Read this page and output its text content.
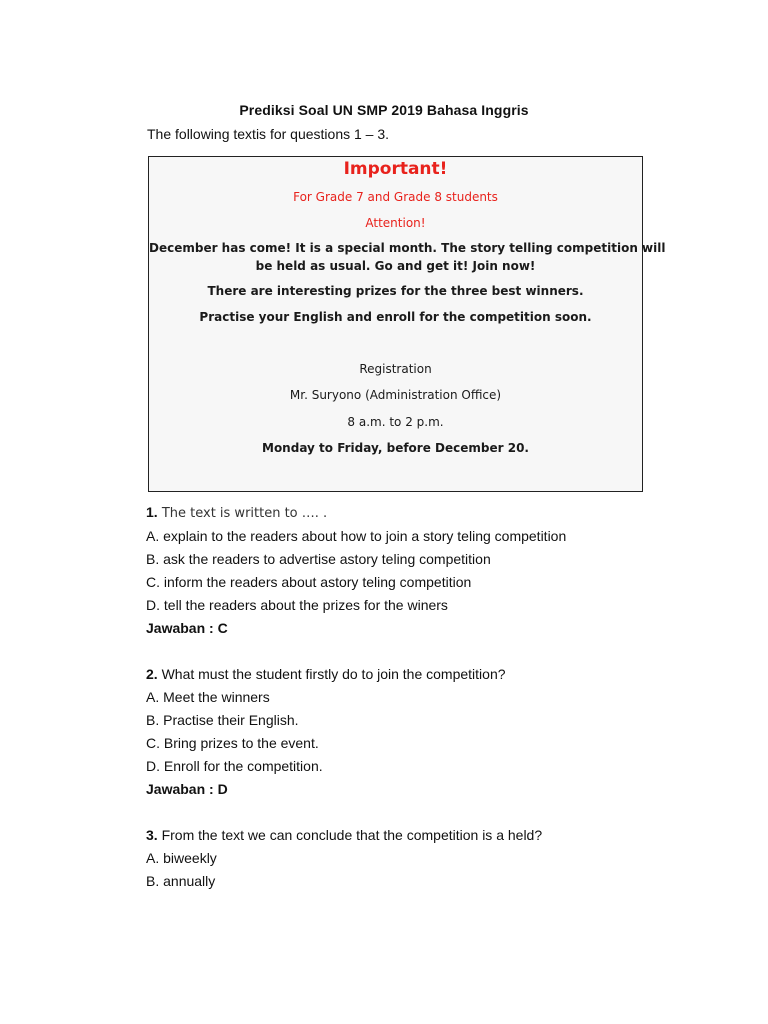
Prediksi Soal UN SMP 2019 Bahasa Inggris
The following textis for questions 1 – 3.
Important!
For Grade 7 and Grade 8 students
Attention!
December has come! It is a special month. The story telling competition will
be held as usual. Go and get it! Join now!
There are interesting prizes for the three best winners.
Practise your English and enroll for the competition soon.
Registration
Mr. Suryono (Administration Office)
8 a.m. to 2 p.m.
Monday to Friday, before December 20.
1. The text is written to …. .
A. explain to the readers about how to join a story teling competition
B. ask the readers to advertise astory teling competition
C. inform the readers about astory teling competition
D. tell the readers about the prizes for the winers
Jawaban : C
2. What must the student firstly do to join the competition?
A. Meet the winners
B. Practise their English.
C. Bring prizes to the event.
D. Enroll for the competition.
Jawaban : D
3. From the text we can conclude that the competition is a held?
A. biweekly
B. annually
